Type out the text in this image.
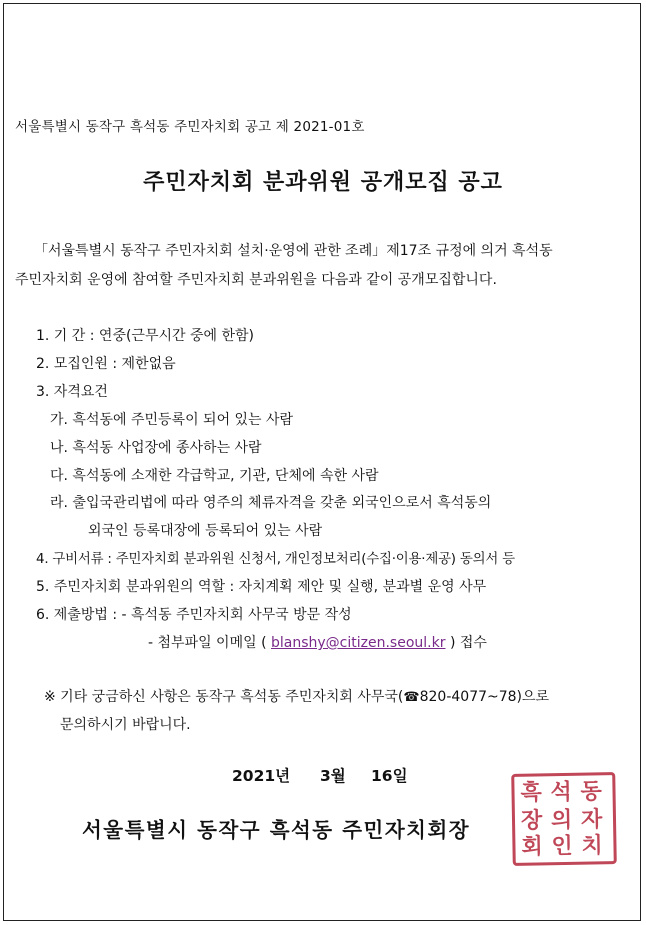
서울특별시 동작구 흑석동 주민자치회 공고 제 2021-01호
주민자치회 분과위원 공개모집 공고
「서울특별시 동작구 주민자치회 설치·운영에 관한 조례」제17조 규정에 의거 흑석동
주민자치회 운영에 참여할 주민자치회 분과위원을 다음과 같이 공개모집합니다.
1. 기 간 : 연중(근무시간 중에 한함)
2. 모집인원 : 제한없음
3. 자격요건
가. 흑석동에 주민등록이 되어 있는 사람
나. 흑석동 사업장에 종사하는 사람
다. 흑석동에 소재한 각급학교, 기관, 단체에 속한 사람
라. 출입국관리법에 따라 영주의 체류자격을 갖춘 외국인으로서 흑석동의
외국인 등록대장에 등록되어 있는 사람
4. 구비서류 : 주민자치회 분과위원 신청서, 개인정보처리(수집·이용·제공) 동의서 등
5. 주민자치회 분과위원의 역할 : 자치계획 제안 및 실행, 분과별 운영 사무
6. 제출방법 : - 흑석동 주민자치회 사무국 방문 작성
- 첨부파일 이메일 ( blanshy@citizen.seoul.kr ) 접수
※ 기타 궁금하신 사항은 동작구 흑석동 주민자치회 사무국(☎820-4077~78)으로
문의하시기 바랍니다.
2021년 3월 16일
서울특별시 동작구 흑석동 주민자치회장
흑 석 동
자
치
회
장 의
인
